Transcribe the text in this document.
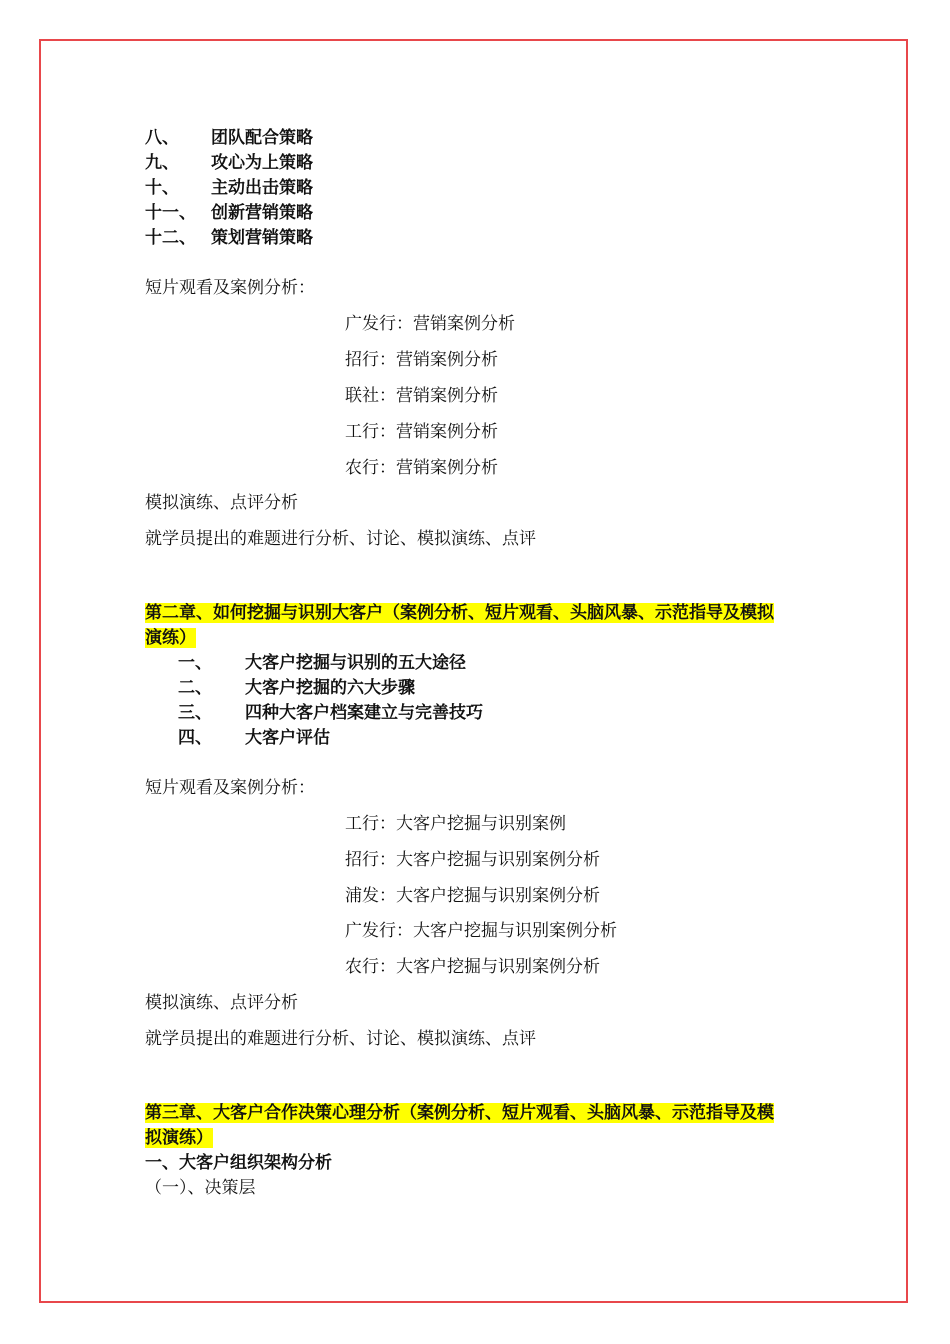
八、 团队配合策略
九、 攻心为上策略
十、 主动出击策略
十一、 创新营销策略
十二、 策划营销策略
短片观看及案例分析：
广发行：营销案例分析
招行：营销案例分析
联社：营销案例分析
工行：营销案例分析
农行：营销案例分析
模拟演练、点评分析
就学员提出的难题进行分析、讨论、模拟演练、点评
第二章、如何挖掘与识别大客户（案例分析、短片观看、头脑风暴、示范指导及模拟
演练）
一、 大客户挖掘与识别的五大途径
二、 大客户挖掘的六大步骤
三、 四种大客户档案建立与完善技巧
四、 大客户评估
短片观看及案例分析：
工行：大客户挖掘与识别案例
招行：大客户挖掘与识别案例分析
浦发：大客户挖掘与识别案例分析
广发行：大客户挖掘与识别案例分析
农行：大客户挖掘与识别案例分析
模拟演练、点评分析
就学员提出的难题进行分析、讨论、模拟演练、点评
第三章、大客户合作决策心理分析（案例分析、短片观看、头脑风暴、示范指导及模
拟演练）
一、大客户组织架构分析
（一）、决策层
